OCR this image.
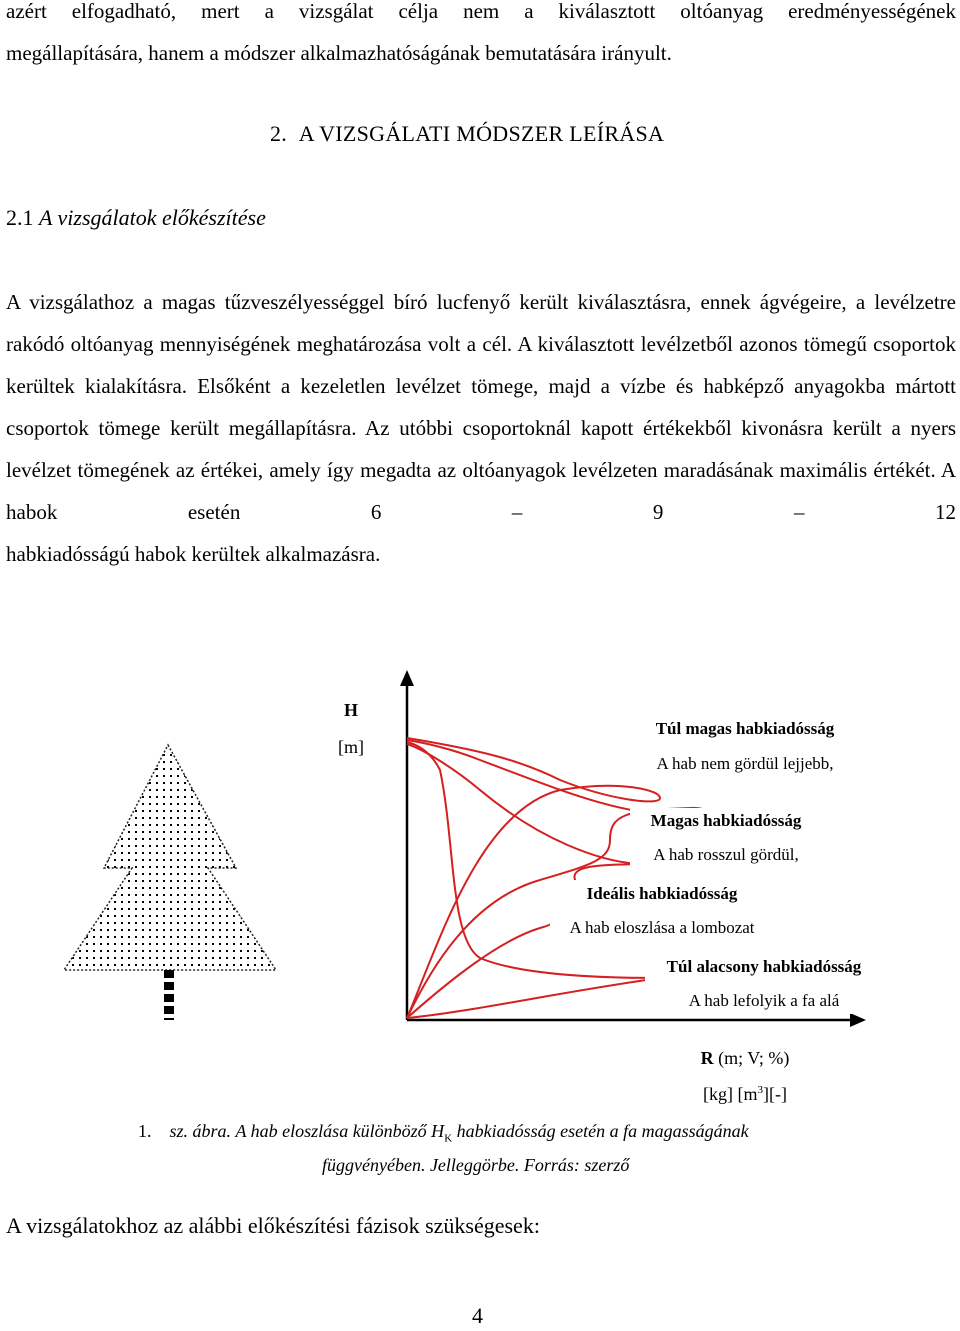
azért elfogadható, mert a vizsgálat célja nem a kiválasztott oltóanyag eredményességének
megállapítására, hanem a módszer alkalmazhatóságának bemutatására irányult.
2. A VIZSGÁLATI MÓDSZER LEÍRÁSA
2.1 A vizsgálatok előkészítése
A vizsgálathoz a magas tűzveszélyességgel bíró lucfenyő került kiválasztásra, ennek ágvégeire, a levélzetre rakódó oltóanyag mennyiségének meghatározása volt a cél. A kiválasztott levélzetből azonos tömegű csoportok kerültek kialakításra. Elsőként a kezeletlen levélzet tömege, majd a vízbe és habképző anyagokba mártott csoportok tömege került megállapításra. Az utóbbi csoportoknál kapott értékekből kivonásra került a nyers levélzet tömegének az értékei, amely így megadta az oltóanyagok levélzeten maradásának maximális értékét. A habok esetén 6 – 9 – 12
habkiadósságú habok kerültek alkalmazásra.
H
[m]
Túl magas habkiadósság
A hab nem gördül lejjebb,
Magas habkiadósság
A hab rosszul gördül,
Ideális habkiadósság
A hab eloszlása a lombozat
Túl alacsony habkiadósság
A hab lefolyik a fa alá
R (m; V; %)
[kg] $[m^3][-]$
1. sz. ábra. A hab eloszlása különböző $H_K$ habkiadósság esetén a fa magasságának
függvényében. Jelleggörbe. Forrás: szerző
A vizsgálatokhoz az alábbi előkészítési fázisok szükségesek:
4
